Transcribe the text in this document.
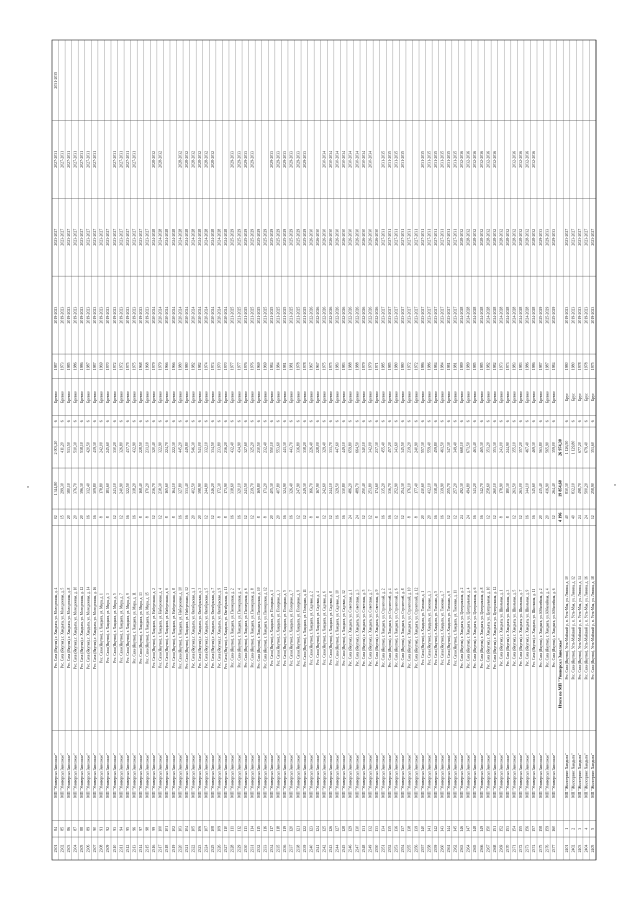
2301
84
МП "Универсал Заволжье"
Рес. Саха (Якутия), г. Хандыга, ул. Молодежная, д. 4
02
1 344,80
2 003,20
6
Бревно
1987
2019-2023
2023-2027
2027-2031
2031-2035
2302
85
МП "Универсал Заволжье"
Рес. Саха (Якутия), г. Хандыга, ул. Молодежная, д. 5
15
299,30
411,20
6
Бревно
1973
2019-2023
2023-2027
2027-2031
2303
86
МП "Универсал Заволжье"
Рес. Саха (Якутия), г. Хандыга, ул. Молодежная, д. 8
20
380,10
513,50
6
Бревно
1985
2019-2023
2023-2027
2027-2031
2304
87
МП "Универсал Заволжье"
Рес. Саха (Якутия), г. Хандыга, ул. Молодежная, д. 10
20
376,70
510,30
6
Бревно
1986
2019-2023
2023-2027
2027-2031
2305
88
МП "Универсал Заволжье"
Рес. Саха (Якутия), г. Хандыга, ул. Молодежная, д. 12
20
396,30
538,10
6
Бревно
1986
2019-2023
2023-2027
2027-2031
2306
89
МП "Универсал Заволжье"
Рес. Саха (Якутия), г. Хандыга, ул. Молодежная, д. 14
16
312,40
420,50
6
Бревно
1987
2019-2023
2023-2027
2027-2031
2307
90
МП "Универсал Заволжье"
Рес. Саха (Якутия), г. Хандыга, ул. Молодежная, д. 16
16
309,80
419,30
6
Бревно
1987
2019-2023
2023-2027
2027-2031
2308
91
МП "Универсал Заволжье"
Рес. Саха (Якутия), г. Хандыга, ул. Мира, д. 1
8
178,80
242,00
6
Бревно
1969
2019-2023
2023-2027
2309
92
МП "Универсал Заволжье"
Рес. Саха (Якутия), г. Хандыга, ул. Мира, д. 3
8
181,60
245,60
6
Бревно
1970
2019-2023
2023-2027
2310
93
МП "Универсал Заволжье"
Рес. Саха (Якутия), г. Хандыга, ул. Мира, д. 5
12
243,10
330,20
6
Бревно
1972
2019-2023
2023-2027
2027-2031
2311
94
МП "Универсал Заволжье"
Рес. Саха (Якутия), г. Хандыга, ул. Мира, д. 7
12
240,90
326,80
6
Бревно
1972
2019-2023
2023-2027
2027-2031
2312
95
МП "Универсал Заволжье"
Рес. Саха (Якутия), г. Хандыга, ул. Мира, д. 9
16
322,50
437,70
6
Бревно
1975
2019-2023
2023-2027
2027-2031
2313
96
МП "Универсал Заволжье"
Рес. Саха (Якутия), г. Хандыга, ул. Мира, д. 11
16
318,20
432,90
6
Бревно
1975
2019-2023
2023-2027
2027-2031
2314
97
МП "Универсал Заволжье"
Рес. Саха (Якутия), г. Хандыга, ул. Мира, д. 13
8
168,40
228,50
6
Бревно
1968
2019-2023
2023-2027
2315
98
МП "Универсал Заволжье"
Рес. Саха (Якутия), г. Хандыга, ул. Мира, д. 15
8
170,20
231,10
6
Бревно
1968
2019-2023
2023-2027
2316
99
МП "Универсал Заволжье"
Рес. Саха (Якутия), г. Хандыга, ул. Набережная, д. 2
12
236,70
320,40
6
Бревно
1979
2020-2024
2024-2028
2028-2032
2317
100
МП "Универсал Заволжье"
Рес. Саха (Якутия), г. Хандыга, ул. Набережная, д. 4
12
238,30
322,90
6
Бревно
1979
2020-2024
2024-2028
2028-2032
2318
101
МП "Универсал Заволжье"
Рес. Саха (Якутия), г. Хандыга, ул. Набережная, д. 6
8
165,60
224,70
6
Бревно
1966
2020-2024
2024-2028
2319
102
МП "Универсал Заволжье"
Рес. Саха (Якутия), г. Хандыга, ул. Набережная, д. 8
8
164,10
222,30
6
Бревно
1966
2020-2024
2024-2028
2320
103
МП "Универсал Заволжье"
Рес. Саха (Якутия), г. Хандыга, ул. Набережная, д. 10
16
327,80
445,20
6
Бревно
1980
2020-2024
2024-2028
2028-2032
2321
104
МП "Универсал Заволжье"
Рес. Саха (Якутия), г. Хандыга, ул. Набережная, д. 12
16
331,40
449,80
6
Бревно
1980
2020-2024
2024-2028
2028-2032
2322
105
МП "Универсал Заволжье"
Рес. Саха (Якутия), г. Хандыга, ул. Октябрьская, д. 1
20
402,50
546,30
6
Бревно
1982
2020-2024
2024-2028
2028-2032
2323
106
МП "Универсал Заволжье"
Рес. Саха (Якутия), г. Хандыга, ул. Октябрьская, д. 3
20
398,90
541,00
6
Бревно
1982
2020-2024
2024-2028
2028-2032
2324
107
МП "Универсал Заволжье"
Рес. Саха (Якутия), г. Хандыга, ул. Октябрьская, д. 5
12
244,80
332,10
6
Бревно
1974
2020-2024
2024-2028
2028-2032
2325
108
МП "Универсал Заволжье"
Рес. Саха (Якутия), г. Хандыга, ул. Октябрьская, д. 7
12
246,20
334,50
6
Бревно
1974
2020-2024
2024-2028
2028-2032
2326
109
МП "Универсал Заволжье"
Рес. Саха (Якутия), г. Хандыга, ул. Октябрьская, д. 9
8
172,30
233,80
6
Бревно
1970
2020-2024
2024-2028
2327
110
МП "Универсал Заволжье"
Рес. Саха (Якутия), г. Хандыга, ул. Октябрьская, д. 11
8
173,90
236,20
6
Бревно
1970
2020-2024
2024-2028
2328
111
МП "Универсал Заволжье"
Рес. Саха (Якутия), г. Хандыга, ул. Пионерская, д. 2
16
318,60
432,40
6
Бревно
1977
2021-2025
2025-2029
2029-2033
2329
112
МП "Универсал Заволжье"
Рес. Саха (Якутия), г. Хандыга, ул. Пионерская, д. 4
16
320,10
434,90
6
Бревно
1977
2021-2025
2025-2029
2029-2033
2330
113
МП "Универсал Заволжье"
Рес. Саха (Якутия), г. Хандыга, ул. Пионерская, д. 6
12
241,50
327,60
6
Бревно
1976
2021-2025
2025-2029
2029-2033
2331
114
МП "Универсал Заволжье"
Рес. Саха (Якутия), г. Хандыга, ул. Пионерская, д. 8
12
239,70
325,20
6
Бревно
1976
2021-2025
2025-2029
2029-2033
2332
115
МП "Универсал Заволжье"
Рес. Саха (Якутия), г. Хандыга, ул. Пионерская, д. 10
8
169,80
230,50
6
Бревно
1969
2021-2025
2025-2029
2333
116
МП "Универсал Заволжье"
Рес. Саха (Якутия), г. Хандыга, ул. Пионерская, д. 12
8
171,20
232,40
6
Бревно
1969
2021-2025
2025-2029
2334
117
МП "Универсал Заволжье"
Рес. Саха (Якутия), г. Хандыга, ул. Полярная, д. 1
20
405,30
550,10
6
Бревно
1984
2021-2025
2025-2029
2029-2033
2335
118
МП "Универсал Заволжье"
Рес. Саха (Якутия), г. Хандыга, ул. Полярная, д. 3
20
407,80
553,60
6
Бревно
1984
2021-2025
2025-2029
2029-2033
2336
119
МП "Универсал Заволжье"
Рес. Саха (Якутия), г. Хандыга, ул. Полярная, д. 5
16
324,90
441,30
6
Бревно
1981
2021-2025
2025-2029
2029-2033
2337
120
МП "Универсал Заволжье"
Рес. Саха (Якутия), г. Хандыга, ул. Полярная, д. 7
16
326,40
443,70
6
Бревно
1981
2021-2025
2025-2029
2029-2033
2338
121
МП "Универсал Заволжье"
Рес. Саха (Якутия), г. Хандыга, ул. Полярная, д. 9
12
247,90
336,80
6
Бревно
1978
2021-2025
2025-2029
2029-2033
2339
122
МП "Универсал Заволжье"
Рес. Саха (Якутия), г. Хандыга, ул. Полярная, д. 11
12
249,30
338,20
6
Бревно
1978
2021-2025
2025-2029
2029-2033
2340
123
МП "Универсал Заволжье"
Рес. Саха (Якутия), г. Хандыга, ул. Садовая, д. 2
8
166,70
226,40
6
Бревно
1967
2022-2026
2026-2030
2341
124
МП "Универсал Заволжье"
Рес. Саха (Якутия), г. Хандыга, ул. Садовая, д. 4
8
167,90
228,00
6
Бревно
1967
2022-2026
2026-2030
2342
125
МП "Универсал Заволжье"
Рес. Саха (Якутия), г. Хандыга, ул. Садовая, д. 6
12
242,60
329,40
6
Бревно
1975
2022-2026
2026-2030
2030-2034
2343
126
МП "Универсал Заволжье"
Рес. Саха (Якутия), г. Хандыга, ул. Садовая, д. 8
12
244,10
331,70
6
Бревно
1975
2022-2026
2026-2030
2030-2034
2344
127
МП "Универсал Заволжье"
Рес. Саха (Якутия), г. Хандыга, ул. Садовая, д. 10
16
329,50
447,60
6
Бревно
1983
2022-2026
2026-2030
2030-2034
2345
128
МП "Универсал Заволжье"
Рес. Саха (Якутия), г. Хандыга, ул. Садовая, д. 12
16
330,80
449,10
6
Бревно
1983
2022-2026
2026-2030
2030-2034
2346
129
МП "Универсал Заволжье"
Рес. Саха (Якутия), г. Хандыга, ул. Советская, д. 1
24
486,20
659,80
6
Бревно
1988
2022-2026
2026-2030
2030-2034
2347
130
МП "Универсал Заволжье"
Рес. Саха (Якутия), г. Хандыга, ул. Советская, д. 3
24
489,70
664,50
6
Бревно
1988
2022-2026
2026-2030
2030-2034
2348
131
МП "Универсал Заволжье"
Рес. Саха (Якутия), г. Хандыга, ул. Советская, д. 5
12
250,40
340,10
6
Бревно
1979
2022-2026
2026-2030
2030-2034
2349
132
МП "Универсал Заволжье"
Рес. Саха (Якутия), г. Хандыга, ул. Советская, д. 7
12
251,80
342,00
6
Бревно
1979
2022-2026
2026-2030
2030-2034
2350
133
МП "Универсал Заволжье"
Рес. Саха (Якутия), г. Хандыга, ул. Советская, д. 9
8
174,60
237,30
6
Бревно
1971
2022-2026
2026-2030
2351
134
МП "Универсал Заволжье"
Рес. Саха (Якутия), г. Хандыга, ул. Строителей, д. 2
16
335,20
455,40
6
Бревно
1985
2023-2027
2027-2031
2031-2035
2352
135
МП "Универсал Заволжье"
Рес. Саха (Якутия), г. Хандыга, ул. Строителей, д. 4
16
336,70
457,20
6
Бревно
1985
2023-2027
2027-2031
2031-2035
2353
136
МП "Универсал Заволжье"
Рес. Саха (Якутия), г. Хандыга, ул. Строителей, д. 6
12
252,90
343,60
6
Бревно
1980
2023-2027
2027-2031
2031-2035
2354
137
МП "Универсал Заволжье"
Рес. Саха (Якутия), г. Хандыга, ул. Строителей, д. 8
12
254,30
345,50
6
Бревно
1980
2023-2027
2027-2031
2031-2035
2355
138
МП "Универсал Заволжье"
Рес. Саха (Якутия), г. Хандыга, ул. Строителей, д. 10
8
176,10
239,20
6
Бревно
1972
2023-2027
2027-2031
2356
139
МП "Универсал Заволжье"
Рес. Саха (Якутия), г. Хандыга, ул. Строителей, д. 12
8
177,40
240,90
6
Бревно
1972
2023-2027
2027-2031
2357
140
МП "Универсал Заволжье"
Рес. Саха (Якутия), г. Хандыга, ул. Таежная, д. 1
20
410,60
557,30
6
Бревно
1986
2023-2027
2027-2031
2031-2035
2358
141
МП "Универсал Заволжье"
Рес. Саха (Якутия), г. Хандыга, ул. Таежная, д. 3
20
412,10
559,40
6
Бревно
1986
2023-2027
2027-2031
2031-2035
2359
142
МП "Универсал Заволжье"
Рес. Саха (Якутия), г. Хандыга, ул. Таежная, д. 5
16
338,40
459,80
6
Бревно
1984
2023-2027
2027-2031
2031-2035
2360
143
МП "Универсал Заволжье"
Рес. Саха (Якутия), г. Хандыга, ул. Таежная, д. 7
16
339,90
461,50
6
Бревно
1984
2023-2027
2027-2031
2031-2035
2361
144
МП "Универсал Заволжье"
Рес. Саха (Якутия), г. Хандыга, ул. Таежная, д. 9
12
255,70
347,30
6
Бревно
1981
2023-2027
2027-2031
2031-2035
2362
145
МП "Универсал Заволжье"
Рес. Саха (Якутия), г. Хандыга, ул. Таежная, д. 11
12
257,20
349,40
6
Бревно
1981
2023-2027
2027-2031
2031-2035
2363
146
МП "Универсал Заволжье"
Рес. Саха (Якутия), г. Хандыга, ул. Центральная, д. 2
24
492,30
668,10
6
Бревно
1989
2024-2028
2028-2032
2032-2036
2364
147
МП "Универсал Заволжье"
Рес. Саха (Якутия), г. Хандыга, ул. Центральная, д. 4
24
494,80
671,50
6
Бревно
1989
2024-2028
2028-2032
2032-2036
2365
148
МП "Универсал Заволжье"
Рес. Саха (Якутия), г. Хандыга, ул. Центральная, д. 6
16
341,20
463,40
6
Бревно
1985
2024-2028
2028-2032
2032-2036
2366
149
МП "Универсал Заволжье"
Рес. Саха (Якутия), г. Хандыга, ул. Центральная, д. 8
16
342,70
465,30
6
Бревно
1985
2024-2028
2028-2032
2032-2036
2367
150
МП "Универсал Заволжье"
Рес. Саха (Якутия), г. Хандыга, ул. Центральная, д. 10
12
258,60
351,20
6
Бревно
1982
2024-2028
2028-2032
2032-2036
2368
151
МП "Универсал Заволжье"
Рес. Саха (Якутия), г. Хандыга, ул. Центральная, д. 12
12
260,10
353,30
6
Бревно
1982
2024-2028
2028-2032
2032-2036
2369
152
МП "Универсал Заволжье"
Рес. Саха (Якутия), г. Хандыга, ул. Школьная, д. 1
8
178,90
243,00
6
Бревно
1973
2024-2028
2028-2032
2370
153
МП "Универсал Заволжье"
Рес. Саха (Якутия), г. Хандыга, ул. Школьная, д. 3
8
180,30
244,90
6
Бревно
1973
2024-2028
2028-2032
2371
154
МП "Универсал Заволжье"
Рес. Саха (Якутия), г. Хандыга, ул. Школьная, д. 5
12
261,50
355,10
6
Бревно
1983
2024-2028
2028-2032
2032-2036
2372
155
МП "Универсал Заволжье"
Рес. Саха (Якутия), г. Хандыга, ул. Школьная, д. 7
12
263,00
357,20
6
Бревно
1983
2024-2028
2028-2032
2032-2036
2373
156
МП "Универсал Заволжье"
Рес. Саха (Якутия), г. Хандыга, ул. Школьная, д. 9
16
344,10
467,40
6
Бревно
1986
2024-2028
2028-2032
2032-2036
2374
157
МП "Универсал Заволжье"
Рес. Саха (Якутия), г. Хандыга, ул. Школьная, д. 11
16
345,60
469,30
6
Бревно
1986
2024-2028
2028-2032
2032-2036
2375
158
МП "Универсал Заволжье"
Рес. Саха (Якутия), г. Хандыга, ул. Юбилейная, д. 2
20
415,40
563,80
6
Бревно
1987
2025-2029
2029-2033
2376
159
МП "Универсал Заволжье"
Рес. Саха (Якутия), г. Хандыга, ул. Юбилейная, д. 4
20
416,90
565,90
6
Бревно
1987
2025-2029
2029-2033
2377
160
МП "Универсал Заволжье"
Рес. Саха (Якутия), г. Хандыга, ул. Юбилейная, д. 6
12
264,40
359,00
6
Бревно
1984
2025-2029
2029-2033
Итого по МП "Универсал Заволжье"
4 196
19 854,60
26 974,30
2401
1
МП "Жилсервис Хандыга"
Рес. Саха (Якутия), Усть-Майский у., п. Усть-Мая, ул. Ленина, д. 10
40
830,30
1 126,50
6
Брус
1980
2019-2023
2023-2027
2402
2
МП "Жилсервис Хандыга"
Рес. Саха (Якутия), Усть-Майский у., п. Усть-Мая, ул. Ленина, д. 12
40
832,10
1 129,80
6
Брус
1980
2019-2023
2023-2027
2403
3
МП "Жилсервис Хандыга"
Рес. Саха (Якутия), Усть-Майский у., п. Усть-Мая, ул. Ленина, д. 14
24
498,70
677,20
6
Брус
1978
2019-2023
2023-2027
2404
4
МП "Жилсервис Хандыга"
Рес. Саха (Якутия), Усть-Майский у., п. Усть-Мая, ул. Ленина, д. 16
24
500,20
679,40
6
Брус
1978
2019-2023
2023-2027
2405
5
МП "Жилсервис Хандыга"
Рес. Саха (Якутия), Усть-Майский у., п. Усть-Мая, ул. Ленина, д. 18
12
258,90
351,60
6
Брус
1975
2019-2023
2023-2027
*	*
